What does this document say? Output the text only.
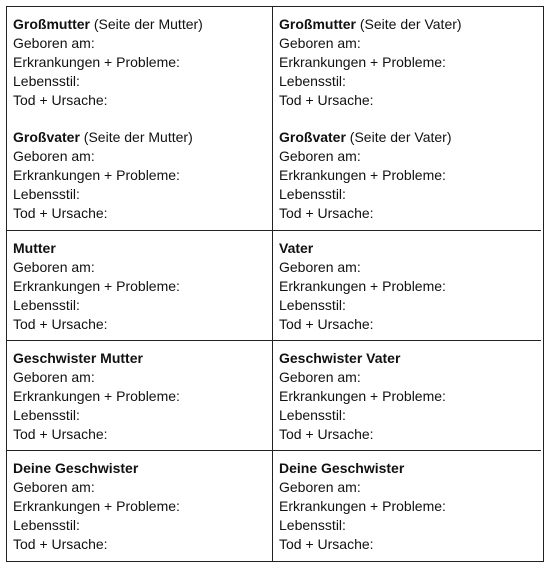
Großmutter (Seite der Mutter)
Geboren am:
Erkrankungen + Probleme:
Lebensstil:
Tod + Ursache:
Großvater (Seite der Mutter)
Geboren am:
Erkrankungen + Probleme:
Lebensstil:
Tod + Ursache:
Großmutter (Seite der Vater)
Geboren am:
Erkrankungen + Probleme:
Lebensstil:
Tod + Ursache:
Großvater (Seite der Vater)
Geboren am:
Erkrankungen + Probleme:
Lebensstil:
Tod + Ursache:
Mutter
Geboren am:
Erkrankungen + Probleme:
Lebensstil:
Tod + Ursache:
Vater
Geboren am:
Erkrankungen + Probleme:
Lebensstil:
Tod + Ursache:
Geschwister Mutter
Geboren am:
Erkrankungen + Probleme:
Lebensstil:
Tod + Ursache:
Geschwister Vater
Geboren am:
Erkrankungen + Probleme:
Lebensstil:
Tod + Ursache:
Deine Geschwister
Geboren am:
Erkrankungen + Probleme:
Lebensstil:
Tod + Ursache:
Deine Geschwister
Geboren am:
Erkrankungen + Probleme:
Lebensstil:
Tod + Ursache:
